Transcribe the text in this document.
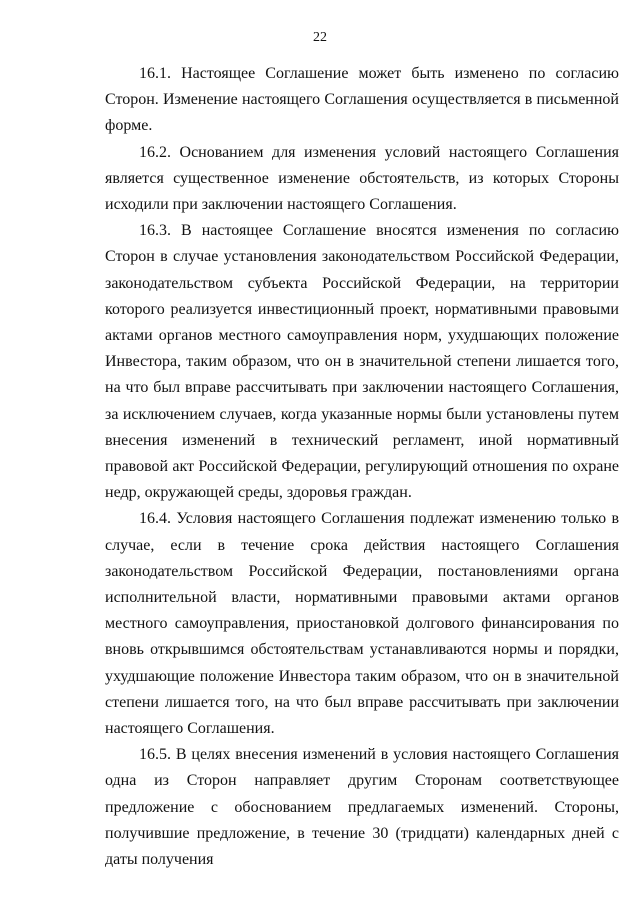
22

16.1. Настоящее Соглашение может быть изменено по согласию Сторон. Изменение настоящего Соглашения осуществляется в письменной форме.

16.2. Основанием для изменения условий настоящего Соглашения является существенное изменение обстоятельств, из которых Стороны исходили при заключении настоящего Соглашения.

16.3. В настоящее Соглашение вносятся изменения по согласию Сторон в случае установления законодательством Российской Федерации, законодательством субъекта Российской Федерации, на территории которого реализуется инвестиционный проект, нормативными правовыми актами органов местного самоуправления норм, ухудшающих положение Инвестора, таким образом, что он в значительной степени лишается того, на что был вправе рассчитывать при заключении настоящего Соглашения, за исключением случаев, когда указанные нормы были установлены путем внесения изменений в технический регламент, иной нормативный правовой акт Российской Федерации, регулирующий отношения по охране недр, окружающей среды, здоровья граждан.

16.4. Условия настоящего Соглашения подлежат изменению только в случае, если в течение срока действия настоящего Соглашения законодательством Российской Федерации, постановлениями органа исполнительной власти, нормативными правовыми актами органов местного самоуправления, приостановкой долгового финансирования по вновь открывшимся обстоятельствам устанавливаются нормы и порядки, ухудшающие положение Инвестора таким образом, что он в значительной степени лишается того, на что был вправе рассчитывать при заключении настоящего Соглашения.

16.5. В целях внесения изменений в условия настоящего Соглашения одна из Сторон направляет другим Сторонам соответствующее предложение с обоснованием предлагаемых изменений. Стороны, получившие предложение, в течение 30 (тридцати) календарных дней с даты получения
